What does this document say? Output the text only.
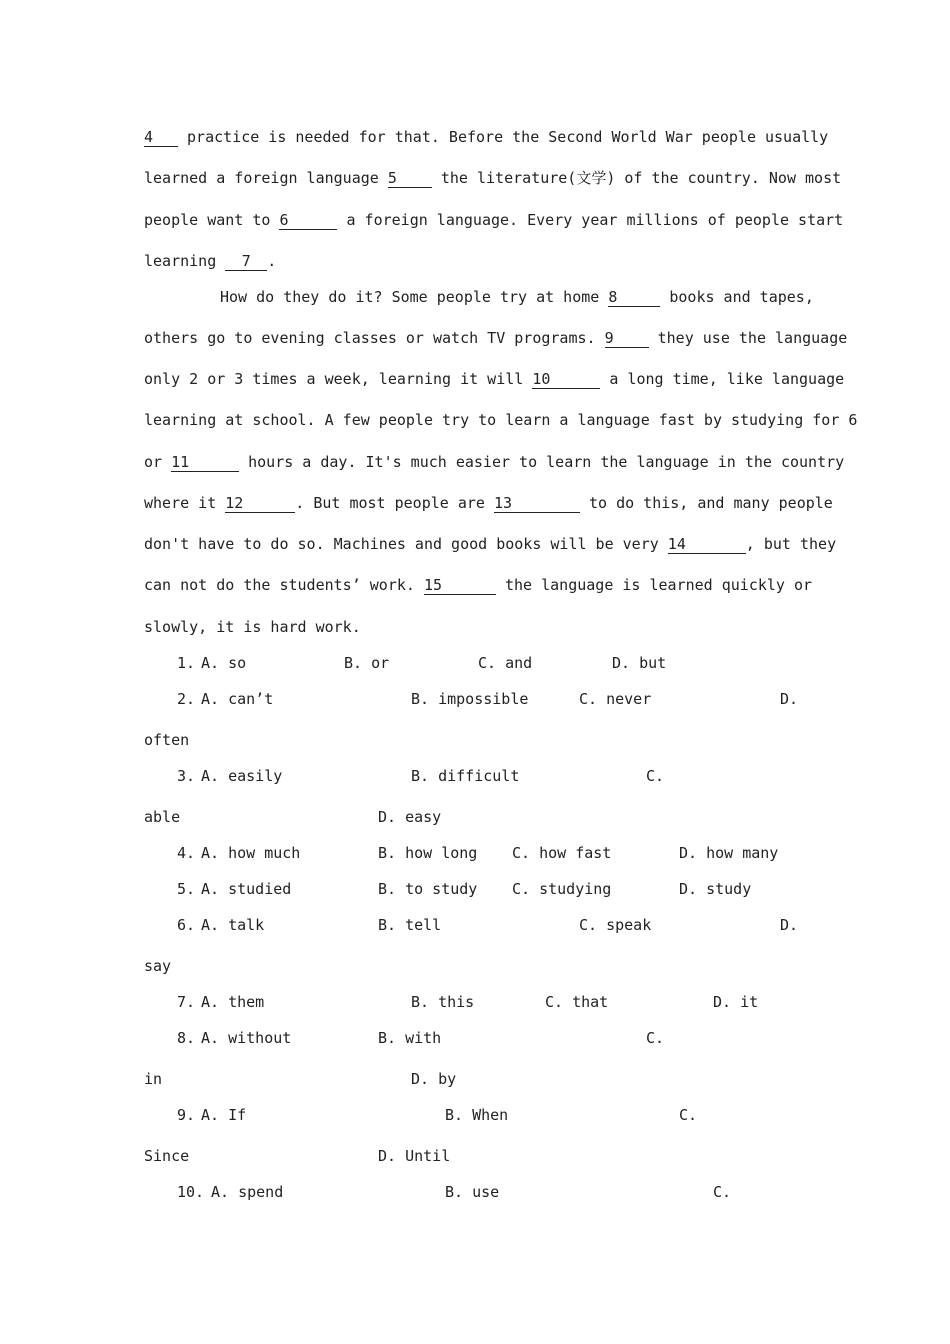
4 practice is needed for that. Before the Second World War people usually
learned a foreign language 5	the literature(文学) of the country. Now most
people want to 6	a foreign language. Every year millions of people start
learning 7 .
How do they do it? Some people try at home 8	books and tapes,
others go to evening classes or watch TV programs. 9	they use the language
only 2 or 3 times a week, learning it will 10	a long time, like language
learning at school. A few people try to learn a language fast by studying for 6
or 11	hours a day. It's much easier to learn the language in the country
where it 12	. But most people are 13	to do this, and many people
don't have to do so. Machines and good books will be very 14	, but they
can not do the students’ work. 15	the language is learned quickly or
slowly, it is hard work.
1. A. so	B. or	C. and	D. but
2. A. can’t	B. impossible	C. never	D.
often
3. A. easily	B. difficult	C.
able	D. easy
4. A. how much	B. how long C. how fast	D. how many
5. A. studied	B. to study C. studying	D. study
6. A. talk	B. tell	C. speak	D.
say
7. A. them	B. this	C. that	D. it
8. A. without	B. with	C.
in	D. by
9. A. If	B. When	C.
Since	D. Until
10. A. spend	B. use	C.
